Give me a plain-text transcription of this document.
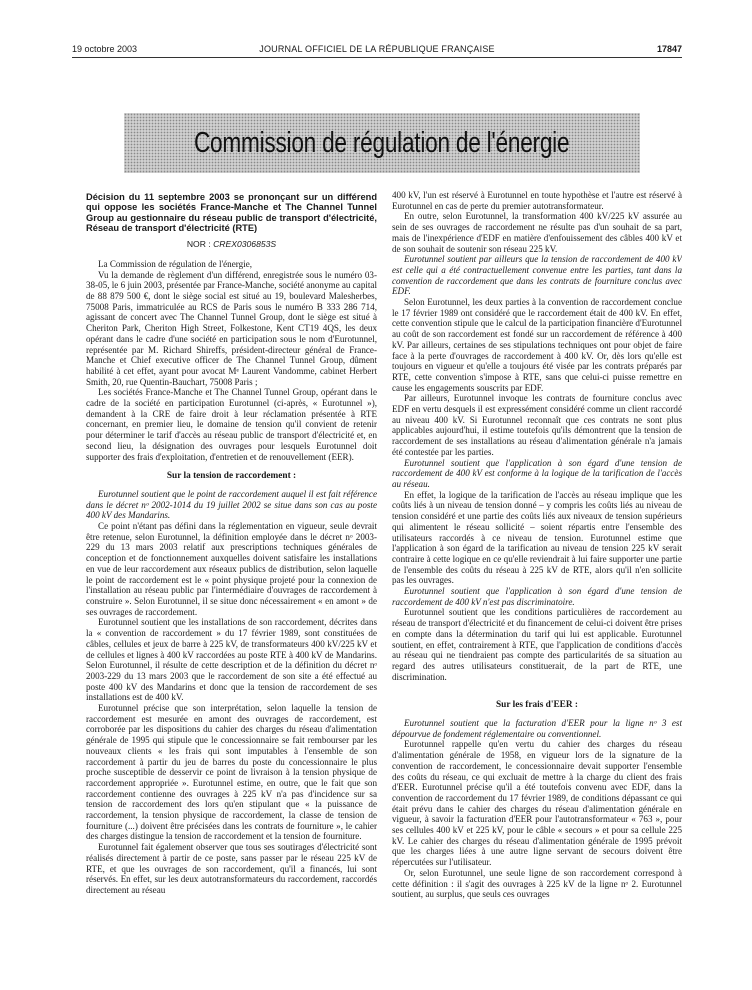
19 octobre 2003	JOURNAL OFFICIEL DE LA RÉPUBLIQUE FRANÇAISE	17847
Commission de régulation de l'énergie
Décision du 11 septembre 2003 se prononçant sur un différend qui oppose les sociétés France-Manche et The Channel Tunnel Group au gestionnaire du réseau public de transport d'électricité, Réseau de transport d'électricité (RTE)
NOR : CREX0306853S

La Commission de régulation de l'énergie,

Vu la demande de règlement d'un différend, enregistrée sous le numéro 03-38-05, le 6 juin 2003, présentée par France-Manche, société anonyme au capital de 88 879 500 €, dont le siège social est situé au 19, boulevard Malesherbes, 75008 Paris, immatriculée au RCS de Paris sous le numéro B 333 286 714, agissant de concert avec The Channel Tunnel Group, dont le siège est situé à Cheriton Park, Cheriton High Street, Folkestone, Kent CT19 4QS, les deux opérant dans le cadre d'une société en participation sous le nom d'Eurotunnel, représentée par M. Richard Shireffs, président-directeur général de France-Manche et Chief executive officer de The Channel Tunnel Group, dûment habilité à cet effet, ayant pour avocat Mᵉ Laurent Vandomme, cabinet Herbert Smith, 20, rue Quentin-Bauchart, 75008 Paris ;

Les sociétés France-Manche et The Channel Tunnel Group, opérant dans le cadre de la société en participation Eurotunnel (ci-après, « Eurotunnel »), demandent à la CRE de faire droit à leur réclamation présentée à RTE concernant, en premier lieu, le domaine de tension qu'il convient de retenir pour déterminer le tarif d'accès au réseau public de transport d'électricité et, en second lieu, la désignation des ouvrages pour lesquels Eurotunnel doit supporter des frais d'exploitation, d'entretien et de renouvellement (EER).

Sur la tension de raccordement :

Eurotunnel soutient que le point de raccordement auquel il est fait référence dans le décret nᵒ 2002-1014 du 19 juillet 2002 se situe dans son cas au poste 400 kV des Mandarins.

Ce point n'étant pas défini dans la réglementation en vigueur, seule devrait être retenue, selon Eurotunnel, la définition employée dans le décret nᵒ 2003-229 du 13 mars 2003 relatif aux prescriptions techniques générales de conception et de fonctionnement auxquelles doivent satisfaire les installations en vue de leur raccordement aux réseaux publics de distribution, selon laquelle le point de raccordement est le « point physique projeté pour la connexion de l'installation au réseau public par l'intermédiaire d'ouvrages de raccordement à construire ». Selon Eurotunnel, il se situe donc nécessairement « en amont » de ses ouvrages de raccordement.

Eurotunnel soutient que les installations de son raccordement, décrites dans la « convention de raccordement » du 17 février 1989, sont constituées de câbles, cellules et jeux de barre à 225 kV, de transformateurs 400 kV/225 kV et de cellules et lignes à 400 kV raccordées au poste RTE à 400 kV de Mandarins. Selon Eurotunnel, il résulte de cette description et de la définition du décret nᵒ 2003-229 du 13 mars 2003 que le raccordement de son site a été effectué au poste 400 kV des Mandarins et donc que la tension de raccordement de ses installations est de 400 kV.

Eurotunnel précise que son interprétation, selon laquelle la tension de raccordement est mesurée en amont des ouvrages de raccordement, est corroborée par les dispositions du cahier des charges du réseau d'alimentation générale de 1995 qui stipule que le concessionnaire se fait rembourser par les nouveaux clients « les frais qui sont imputables à l'ensemble de son raccordement à partir du jeu de barres du poste du concessionnaire le plus proche susceptible de desservir ce point de livraison à la tension physique de raccordement appropriée ». Eurotunnel estime, en outre, que le fait que son raccordement contienne des ouvrages à 225 kV n'a pas d'incidence sur sa tension de raccordement des lors qu'en stipulant que « la puissance de raccordement, la tension physique de raccordement, la classe de tension de fourniture (...) doivent être précisées dans les contrats de fourniture », le cahier des charges distingue la tension de raccordement et la tension de fourniture.

Eurotunnel fait également observer que tous ses soutirages d'électricité sont réalisés directement à partir de ce poste, sans passer par le réseau 225 kV de RTE, et que les ouvrages de son raccordement, qu'il a financés, lui sont réservés. En effet, sur les deux autotransformateurs du raccordement, raccordés directement au réseau

400 kV, l'un est réservé à Eurotunnel en toute hypothèse et l'autre est réservé à Eurotunnel en cas de perte du premier autotransformateur.

En outre, selon Eurotunnel, la transformation 400 kV/225 kV assurée au sein de ses ouvrages de raccordement ne résulte pas d'un souhait de sa part, mais de l'inexpérience d'EDF en matière d'enfouissement des câbles 400 kV et de son souhait de soutenir son réseau 225 kV.

Eurotunnel soutient par ailleurs que la tension de raccordement de 400 kV est celle qui a été contractuellement convenue entre les parties, tant dans la convention de raccordement que dans les contrats de fourniture conclus avec EDF.

Selon Eurotunnel, les deux parties à la convention de raccordement conclue le 17 février 1989 ont considéré que le raccordement était de 400 kV. En effet, cette convention stipule que le calcul de la participation financière d'Eurotunnel au coût de son raccordement est fondé sur un raccordement de référence à 400 kV. Par ailleurs, certaines de ses stipulations techniques ont pour objet de faire face à la perte d'ouvrages de raccordement à 400 kV. Or, dès lors qu'elle est toujours en vigueur et qu'elle a toujours été visée par les contrats préparés par RTE, cette convention s'impose à RTE, sans que celui-ci puisse remettre en cause les engagements souscrits par EDF.

Par ailleurs, Eurotunnel invoque les contrats de fourniture conclus avec EDF en vertu desquels il est expressément considéré comme un client raccordé au niveau 400 kV. Si Eurotunnel reconnaît que ces contrats ne sont plus applicables aujourd'hui, il estime toutefois qu'ils démontrent que la tension de raccordement de ses installations au réseau d'alimentation générale n'a jamais été contestée par les parties.

Eurotunnel soutient que l'application à son égard d'une tension de raccordement de 400 kV est conforme à la logique de la tarification de l'accès au réseau.

En effet, la logique de la tarification de l'accès au réseau implique que les coûts liés à un niveau de tension donné – y compris les coûts liés au niveau de tension considéré et une partie des coûts liés aux niveaux de tension supérieurs qui alimentent le réseau sollicité – soient répartis entre l'ensemble des utilisateurs raccordés à ce niveau de tension. Eurotunnel estime que l'application à son égard de la tarification au niveau de tension 225 kV serait contraire à cette logique en ce qu'elle reviendrait à lui faire supporter une partie de l'ensemble des coûts du réseau à 225 kV de RTE, alors qu'il n'en sollicite pas les ouvrages.

Eurotunnel soutient que l'application à son égard d'une tension de raccordement de 400 kV n'est pas discriminatoire.

Eurotunnel soutient que les conditions particulières de raccordement au réseau de transport d'électricité et du financement de celui-ci doivent être prises en compte dans la détermination du tarif qui lui est applicable. Eurotunnel soutient, en effet, contrairement à RTE, que l'application de conditions d'accès au réseau qui ne tiendraient pas compte des particularités de sa situation au regard des autres utilisateurs constituerait, de la part de RTE, une discrimination.

Sur les frais d'EER :

Eurotunnel soutient que la facturation d'EER pour la ligne nᵒ 3 est dépourvue de fondement réglementaire ou conventionnel.

Eurotunnel rappelle qu'en vertu du cahier des charges du réseau d'alimentation générale de 1958, en vigueur lors de la signature de la convention de raccordement, le concessionnaire devait supporter l'ensemble des coûts du réseau, ce qui excluait de mettre à la charge du client des frais d'EER. Eurotunnel précise qu'il a été toutefois convenu avec EDF, dans la convention de raccordement du 17 février 1989, de conditions dépassant ce qui était prévu dans le cahier des charges du réseau d'alimentation générale en vigueur, à savoir la facturation d'EER pour l'autotransformateur « 763 », pour ses cellules 400 kV et 225 kV, pour le câble « secours » et pour sa cellule 225 kV. Le cahier des charges du réseau d'alimentation générale de 1995 prévoit que les charges liées à une autre ligne servant de secours doivent être répercutées sur l'utilisateur.

Or, selon Eurotunnel, une seule ligne de son raccordement correspond à cette définition : il s'agit des ouvrages à 225 kV de la ligne nᵒ 2. Eurotunnel soutient, au surplus, que seuls ces ouvrages
